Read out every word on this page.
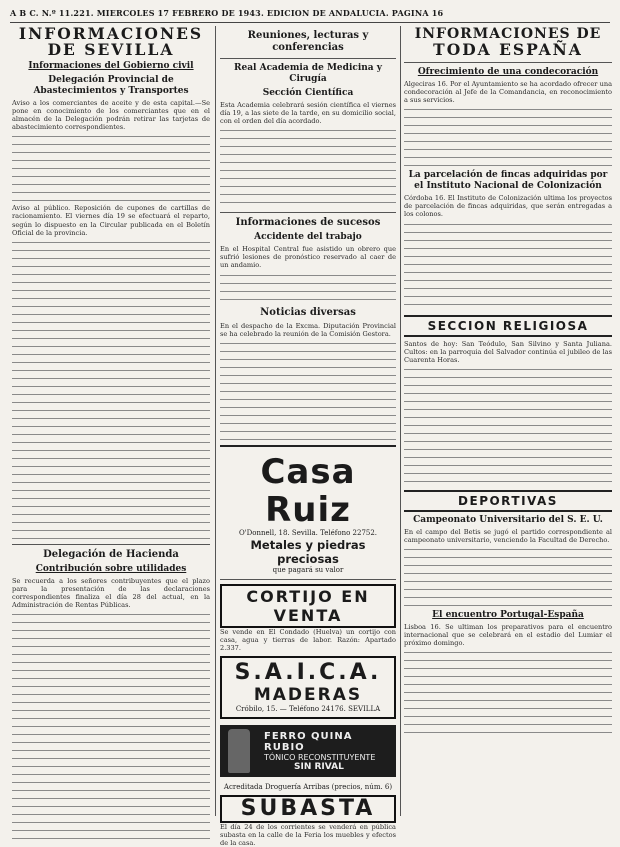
A B C. N.º 11.221. MIERCOLES 17 FEBRERO DE 1943. EDICION DE ANDALUCIA. PAGINA 16
INFORMACIONES
DE SEVILLA
Informaciones del Gobierno civil
Delegación Provincial de Abastecimientos y Transportes

Aviso a los comerciantes de aceite y de esta capital.—Se pone en conocimiento de los comerciantes que en el almacén de la Delegación podrán retirar las tarjetas de abastecimiento correspondientes.

Aviso al público. Reposición de cupones de cartillas de racionamiento. El viernes día 19 se efectuará el reparto, según lo dispuesto en la Circular publicada en el Boletín Oficial de la provincia.

Delegación de Hacienda
Contribución sobre utilidades

Se recuerda a los señores contribuyentes que el plazo para la presentación de las declaraciones correspondientes finaliza el día 28 del actual, en la Administración de Rentas Públicas.

Reuniones, lecturas y conferencias
Real Academia de Medicina y Cirugía
Sección Científica

Esta Academia celebrará sesión científica el viernes día 19, a las siete de la tarde, en su domicilio social, con el orden del día acordado.

Informaciones de sucesos
Accidente del trabajo

En el Hospital Central fue asistido un obrero que sufrió lesiones de pronóstico reservado al caer de un andamio.

Noticias diversas

En el despacho de la Excma. Diputación Provincial se ha celebrado la reunión de la Comisión Gestora.

Casa Ruiz
O'Donnell, 18. Sevilla. Teléfono 22752.
Metales y piedras preciosas
que pagará su valor
CORTIJO EN VENTA

Se vende en El Condado (Huelva) un cortijo con casa, agua y tierras de labor. Razón: Apartado 2.337.

S.A.I.C.A.
MADERAS
Cróbilo, 15. — Teléfono 24176. SEVILLA
FERRO QUINA RUBIO
TÓNICO RECONSTITUYENTE
SIN RIVAL
Acreditada Droguería Arribas (precios, núm. 6)
SUBASTA

El día 24 de los corrientes se venderá en pública subasta en la calle de la Feria los muebles y efectos de la casa.

INFORMACIONES DE
TODA ESPAÑA
Ofrecimiento de una condecoración

Algeciras 16. Por el Ayuntamiento se ha acordado ofrecer una condecoración al Jefe de la Comandancia, en reconocimiento a sus servicios.

La parcelación de fincas adquiridas por el Instituto Nacional de Colonización

Córdoba 16. El Instituto de Colonización ultima los proyectos de parcelación de fincas adquiridas, que serán entregadas a los colonos.

SECCION RELIGIOSA

Santos de hoy: San Teódulo, San Silvino y Santa Juliana. Cultos: en la parroquia del Salvador continúa el jubileo de las Cuarenta Horas.

DEPORTIVAS
Campeonato Universitario del S. E. U.

En el campo del Betis se jugó el partido correspondiente al campeonato universitario, venciendo la Facultad de Derecho.

El encuentro Portugal-España

Lisboa 16. Se ultiman los preparativos para el encuentro internacional que se celebrará en el estadio del Lumiar el próximo domingo.
